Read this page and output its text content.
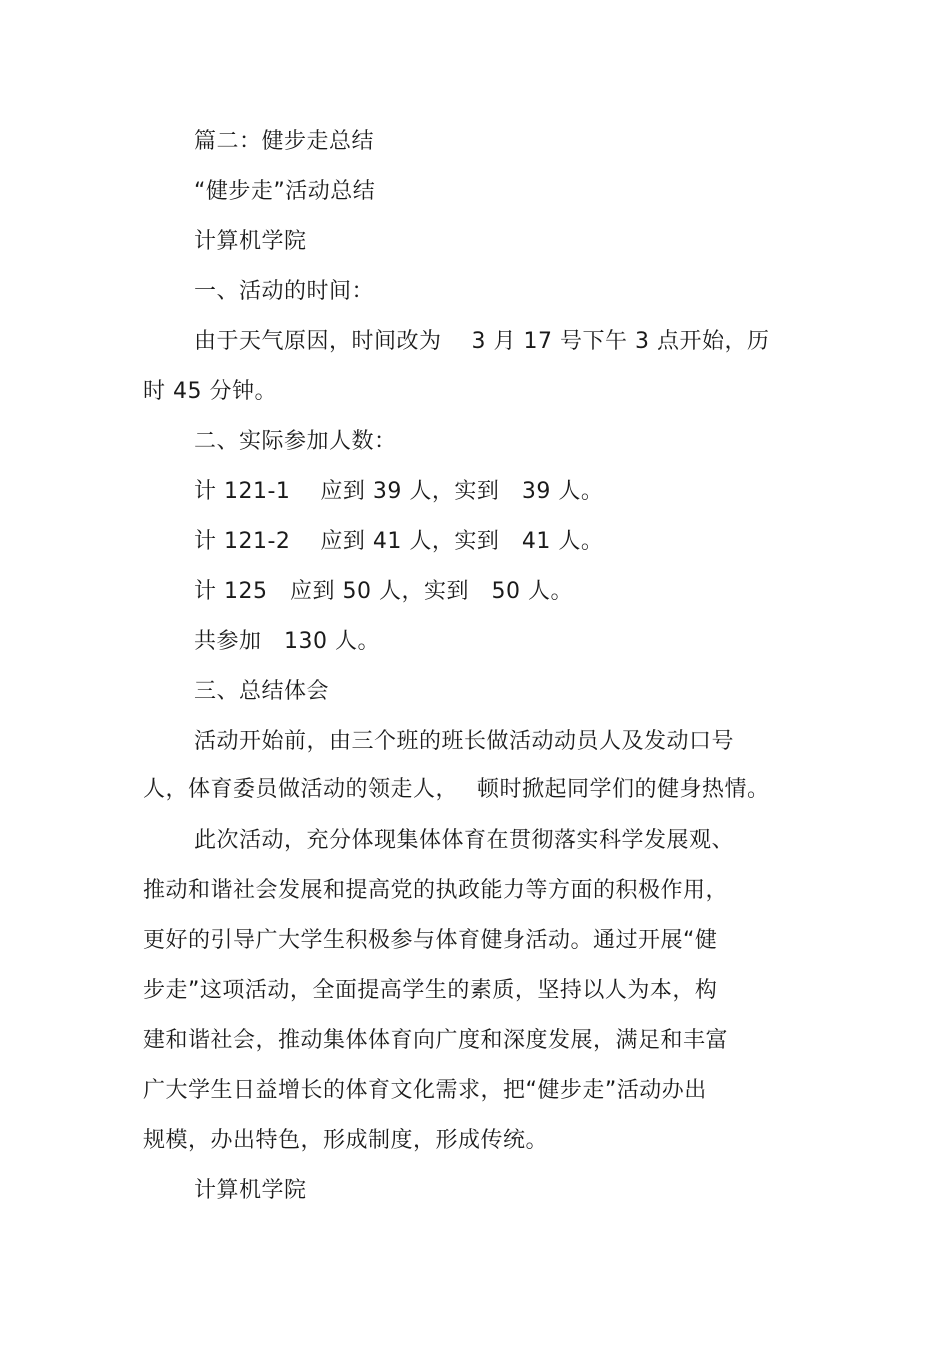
篇二：健步走总结
“健步走”活动总结
计算机学院
一、活动的时间：
由于天气原因，时间改为　 3 月 17 号下午 3 点开始，历
时 45 分钟。
二、实际参加人数：
计 121-1　 应到 39 人，实到　39 人。
计 121-2　 应到 41 人，实到　41 人。
计 125　应到 50 人，实到　50 人。
共参加　130 人。
三、总结体会
活动开始前，由三个班的班长做活动动员人及发动口号
人，体育委员做活动的领走人，　 顿时掀起同学们的健身热情。
此次活动，充分体现集体体育在贯彻落实科学发展观、
推动和谐社会发展和提高党的执政能力等方面的积极作用，
更好的引导广大学生积极参与体育健身活动。通过开展“健
步走”这项活动，全面提高学生的素质，坚持以人为本，构
建和谐社会，推动集体体育向广度和深度发展，满足和丰富
广大学生日益增长的体育文化需求，把“健步走”活动办出
规模，办出特色，形成制度，形成传统。
计算机学院
